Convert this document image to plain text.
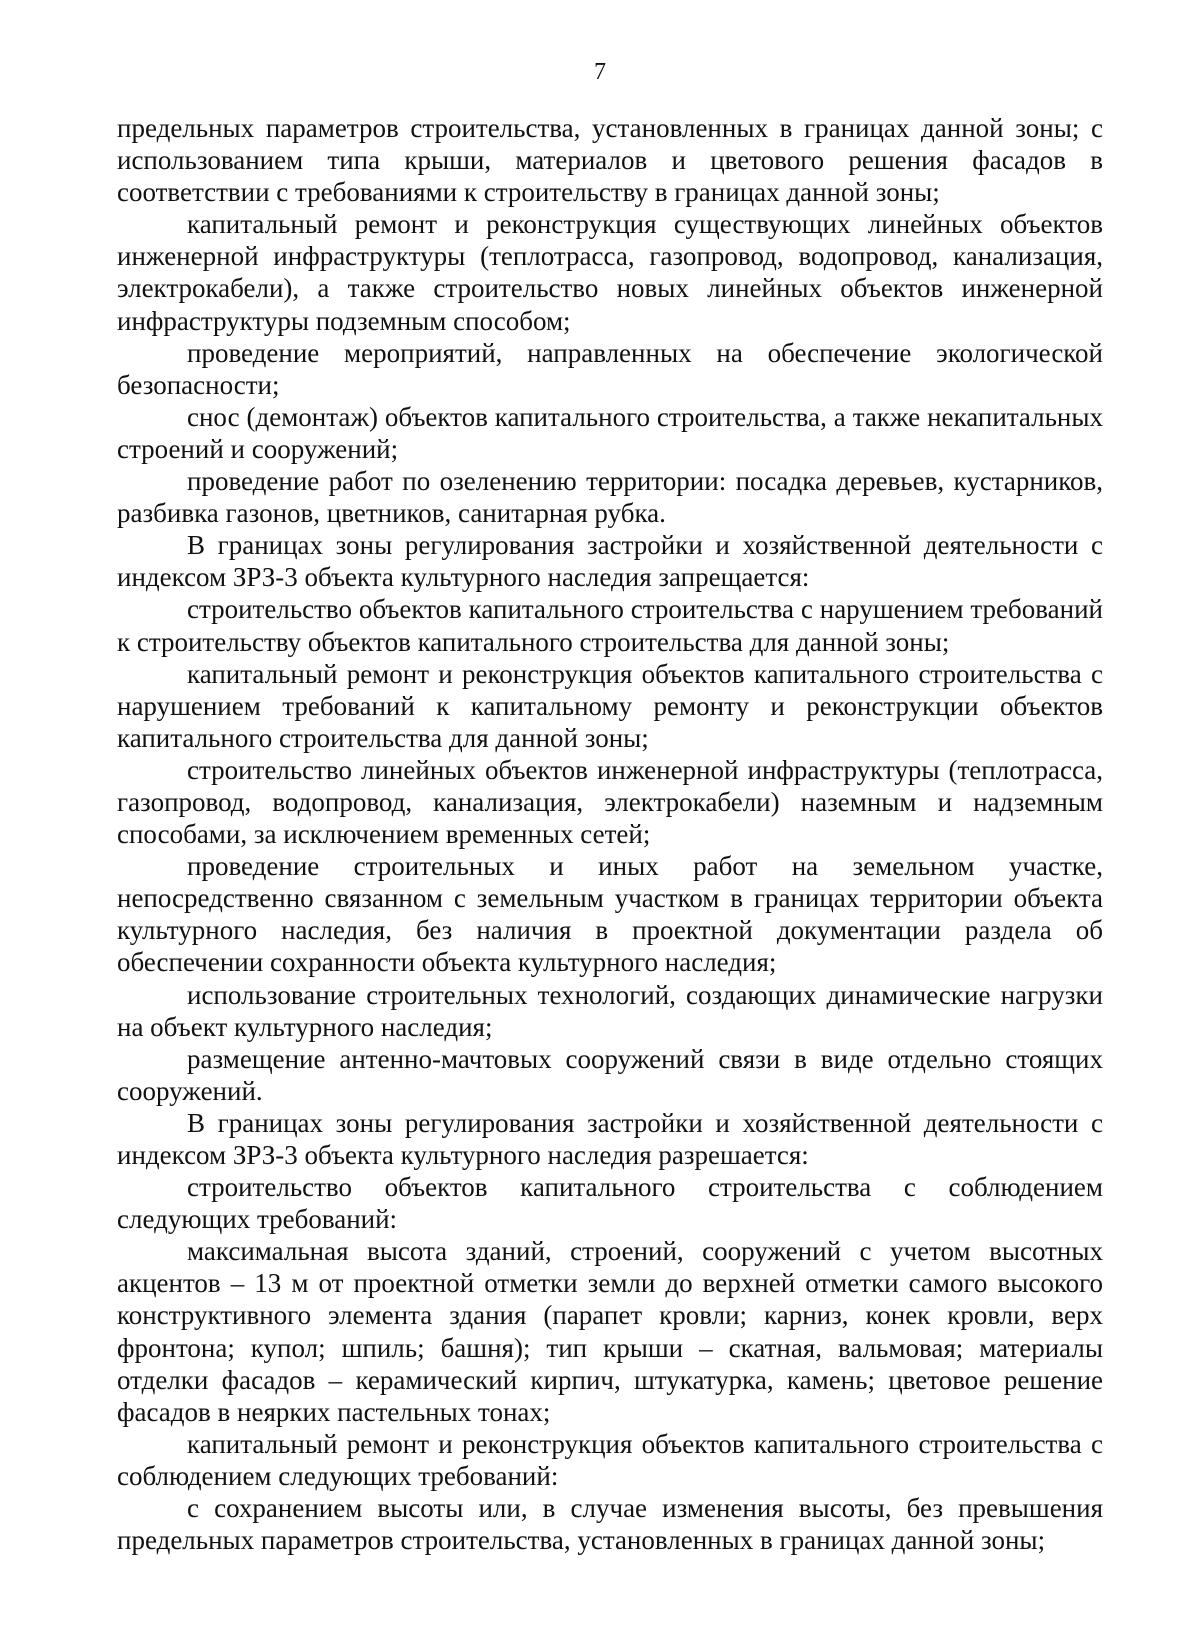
7

предельных параметров строительства, установленных в границах данной зоны; с использованием типа крыши, материалов и цветового решения фасадов в соответствии с требованиями к строительству в границах данной зоны;

капитальный ремонт и реконструкция существующих линейных объектов инженерной инфраструктуры (теплотрасса, газопровод, водопровод, канализация, электрокабели), а также строительство новых линейных объектов инженерной инфраструктуры подземным способом;

проведение мероприятий, направленных на обеспечение экологической безопасности;

снос (демонтаж) объектов капитального строительства, а также некапитальных строений и сооружений;

проведение работ по озеленению территории: посадка деревьев, кустарников, разбивка газонов, цветников, санитарная рубка.

В границах зоны регулирования застройки и хозяйственной деятельности с индексом ЗРЗ-3 объекта культурного наследия запрещается:

строительство объектов капитального строительства с нарушением требований к строительству объектов капитального строительства для данной зоны;

капитальный ремонт и реконструкция объектов капитального строительства с нарушением требований к капитальному ремонту и реконструкции объектов капитального строительства для данной зоны;

строительство линейных объектов инженерной инфраструктуры (теплотрасса, газопровод, водопровод, канализация, электрокабели) наземным и надземным способами, за исключением временных сетей;

проведение строительных и иных работ на земельном участке, непосредственно связанном с земельным участком в границах территории объекта культурного наследия, без наличия в проектной документации раздела об обеспечении сохранности объекта культурного наследия;

использование строительных технологий, создающих динамические нагрузки на объект культурного наследия;

размещение антенно-мачтовых сооружений связи в виде отдельно стоящих сооружений.

В границах зоны регулирования застройки и хозяйственной деятельности с индексом ЗРЗ-3 объекта культурного наследия разрешается:

строительство объектов капитального строительства с соблюдением следующих требований:

максимальная высота зданий, строений, сооружений с учетом высотных акцентов – 13 м от проектной отметки земли до верхней отметки самого высокого конструктивного элемента здания (парапет кровли; карниз, конек кровли, верх фронтона; купол; шпиль; башня); тип крыши – скатная, вальмовая; материалы отделки фасадов – керамический кирпич, штукатурка, камень; цветовое решение фасадов в неярких пастельных тонах;

капитальный ремонт и реконструкция объектов капитального строительства с соблюдением следующих требований:

с сохранением высоты или, в случае изменения высоты, без превышения предельных параметров строительства, установленных в границах данной зоны;
